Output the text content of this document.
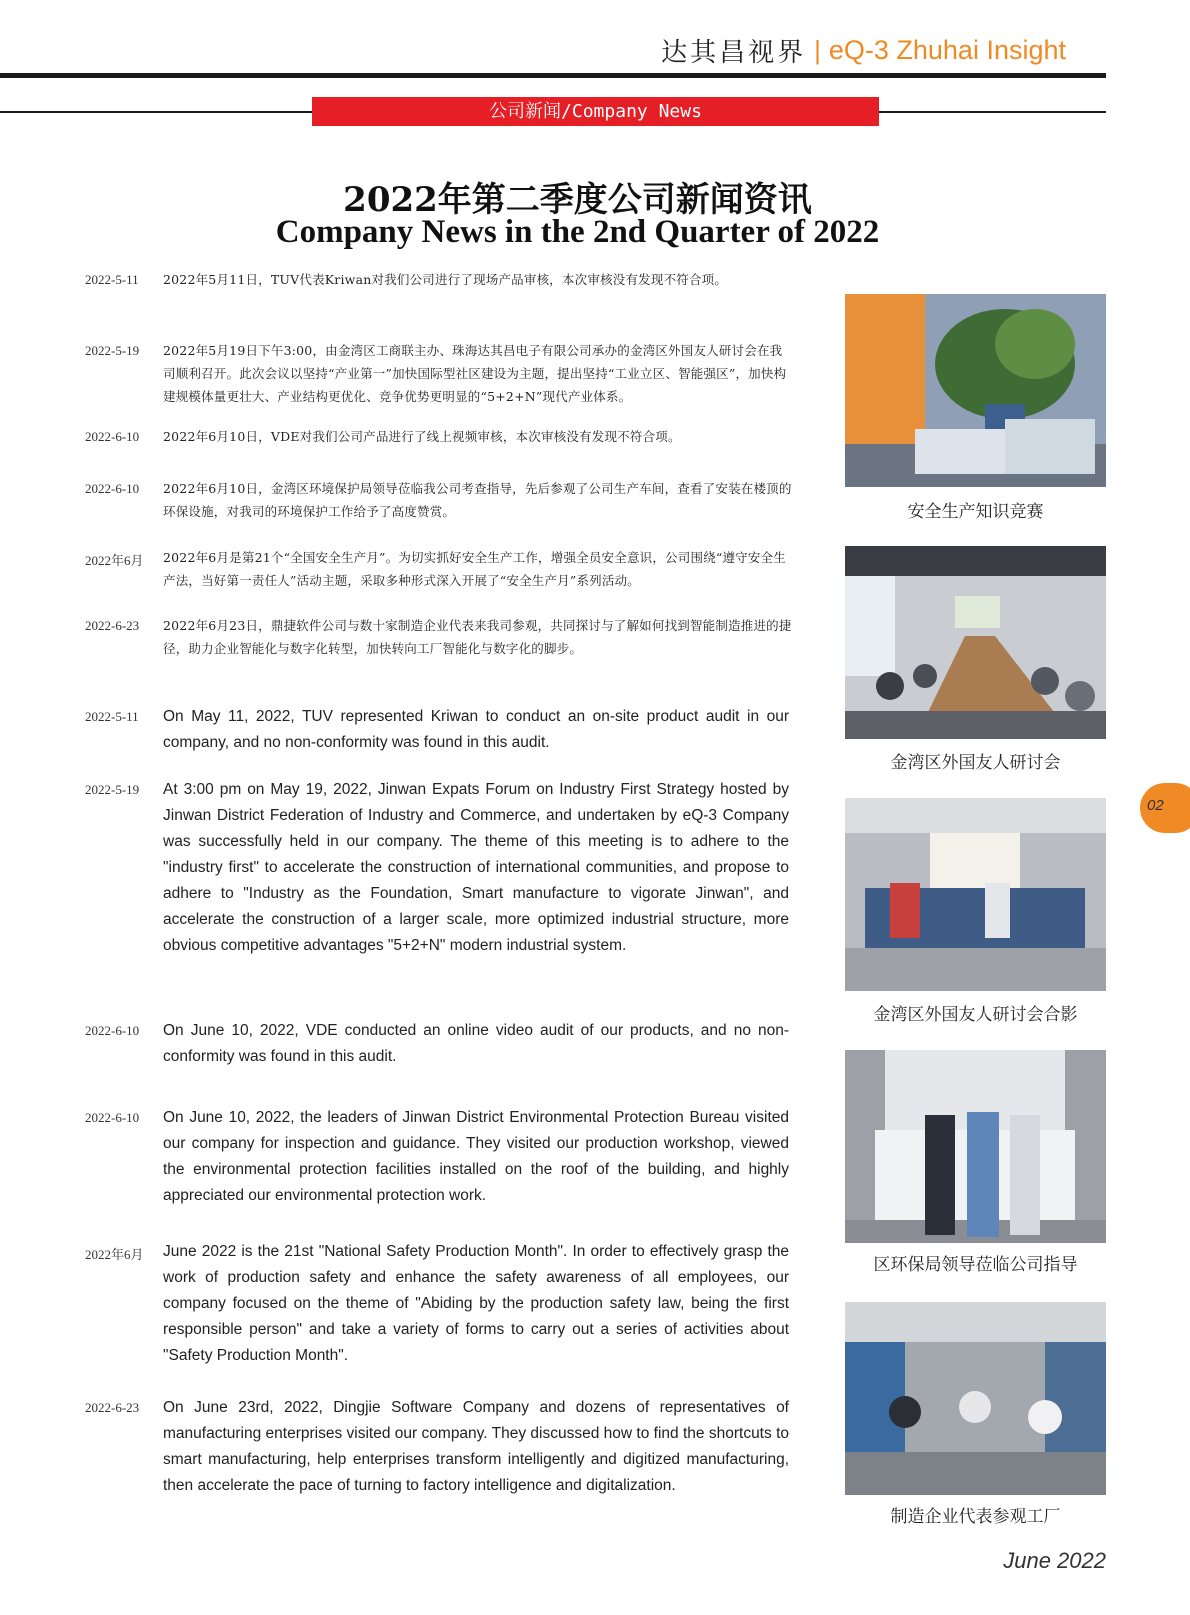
达其昌视界 | eQ-3 Zhuhai Insight
公司新闻/Company News
2022年第二季度公司新闻资讯
Company News in the 2nd Quarter of 2022
2022-5-11	2022年5月11日，TUV代表Kriwan对我们公司进行了现场产品审核，本次审核没有发现不符合项。
2022-5-19	2022年5月19日下午3:00，由金湾区工商联主办、珠海达其昌电子有限公司承办的金湾区外国友人研讨会在我司顺利召开。此次会议以坚持“产业第一”加快国际型社区建设为主题，提出坚持“工业立区、智能强区”，加快构建规模体量更壮大、产业结构更优化、竞争优势更明显的“5+2+N”现代产业体系。
2022-6-10	2022年6月10日，VDE对我们公司产品进行了线上视频审核，本次审核没有发现不符合项。
2022-6-10	2022年6月10日，金湾区环境保护局领导莅临我公司考查指导，先后参观了公司生产车间，查看了安装在楼顶的环保设施，对我司的环境保护工作给予了高度赞赏。
2022年6月	2022年6月是第21个“全国安全生产月”。为切实抓好安全生产工作，增强全员安全意识，公司围绕“遵守安全生产法，当好第一责任人”活动主题，采取多种形式深入开展了“安全生产月”系列活动。
2022-6-23	2022年6月23日，鼎捷软件公司与数十家制造企业代表来我司参观，共同探讨与了解如何找到智能制造推进的捷径，助力企业智能化与数字化转型，加快转向工厂智能化与数字化的脚步。
2022-5-11	On May 11, 2022, TUV represented Kriwan to conduct an on-site product audit in our company, and no non-conformity was found in this audit.
2022-5-19	At 3:00 pm on May 19, 2022, Jinwan Expats Forum on Industry First Strategy hosted by Jinwan District Federation of Industry and Commerce, and undertaken by eQ-3 Company was successfully held in our company. The theme of this meeting is to adhere to the "industry first" to accelerate the construction of international communities, and propose to adhere to "Industry as the Foundation, Smart manufacture to vigorate Jinwan", and accelerate the construction of a larger scale, more optimized industrial structure, more obvious competitive advantages "5+2+N" modern industrial system.
2022-6-10	On June 10, 2022, VDE conducted an online video audit of our products, and no non-conformity was found in this audit.
2022-6-10	On June 10, 2022, the leaders of Jinwan District Environmental Protection Bureau visited our company for inspection and guidance. They visited our production workshop, viewed the environmental protection facilities installed on the roof of the building, and highly appreciated our environmental protection work.
2022年6月	June 2022 is the 21st "National Safety Production Month". In order to effectively grasp the work of production safety and enhance the safety awareness of all employees, our company focused on the theme of "Abiding by the production safety law, being the first responsible person" and take a variety of forms to carry out a series of activities about "Safety Production Month".
2022-6-23	On June 23rd, 2022, Dingjie Software Company and dozens of representatives of manufacturing enterprises visited our company. They discussed how to find the shortcuts to smart manufacturing, help enterprises transform intelligently and digitized manufacturing, then accelerate the pace of turning to factory intelligence and digitalization.
安全生产知识竞赛
金湾区外国友人研讨会
金湾区外国友人研讨会合影
区环保局领导莅临公司指导
制造企业代表参观工厂
02
June 2022
